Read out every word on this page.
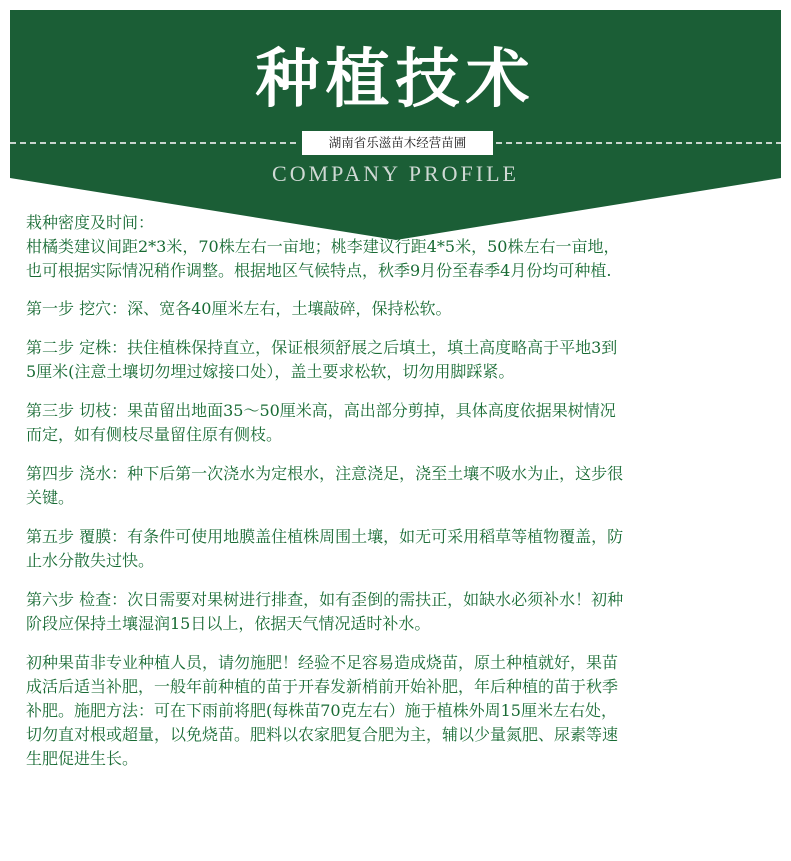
种植技术
湖南省乐滋苗木经营苗圃
COMPANY PROFILE

栽种密度及时间：
柑橘类建议间距2*3米，70株左右一亩地；桃李建议行距4*5米，50株左右一亩地，
也可根据实际情况稍作调整。根据地区气候特点，秋季9月份至春季4月份均可种植.

第一步 挖穴：深、宽各40厘米左右，土壤敲碎，保持松软。

第二步 定株：扶住植株保持直立，保证根须舒展之后填土，填土高度略高于平地3到
5厘米(注意土壤切勿埋过嫁接口处），盖土要求松软，切勿用脚踩紧。

第三步 切枝：果苗留出地面35～50厘米高，高出部分剪掉，具体高度依据果树情况
而定，如有侧枝尽量留住原有侧枝。

第四步 浇水：种下后第一次浇水为定根水，注意浇足，浇至土壤不吸水为止，这步很
关键。

第五步 覆膜：有条件可使用地膜盖住植株周围土壤，如无可采用稻草等植物覆盖，防
止水分散失过快。

第六步 检查：次日需要对果树进行排查，如有歪倒的需扶正，如缺水必须补水！初种
阶段应保持土壤湿润15日以上，依据天气情况适时补水。

初种果苗非专业种植人员，请勿施肥！经验不足容易造成烧苗，原土种植就好，果苗
成活后适当补肥，一般年前种植的苗于开春发新梢前开始补肥，年后种植的苗于秋季
补肥。施肥方法：可在下雨前将肥(每株苗70克左右）施于植株外周15厘米左右处，
切勿直对根或超量，以免烧苗。肥料以农家肥复合肥为主，辅以少量氮肥、尿素等速
生肥促进生长。
